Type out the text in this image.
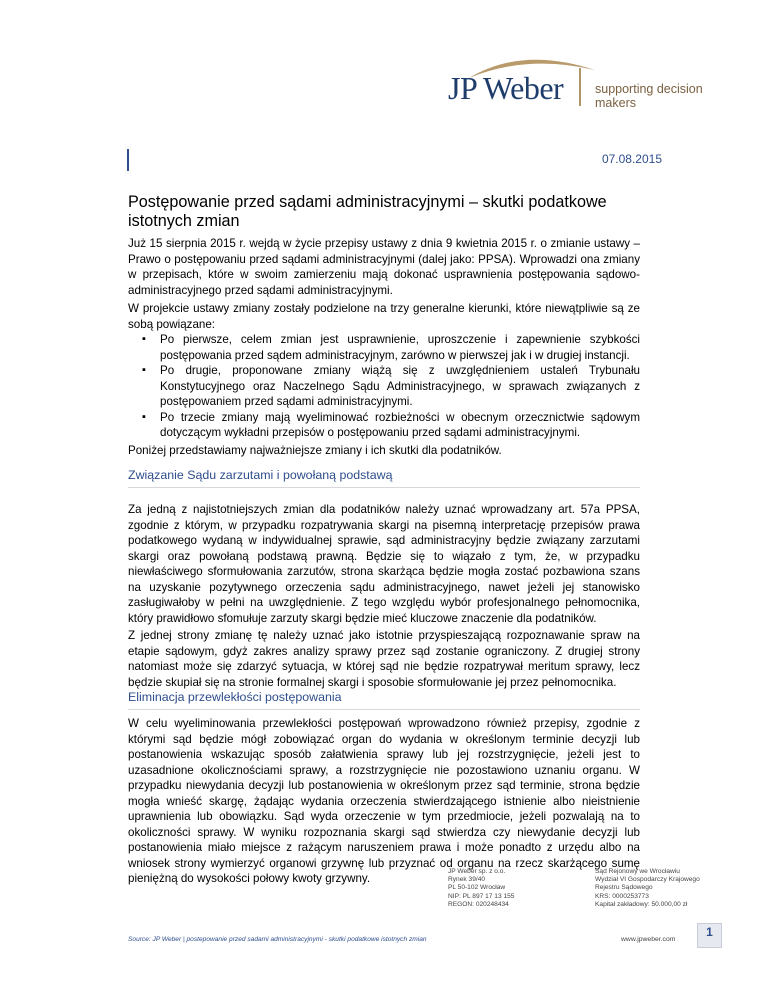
JP Weber	supporting decision makers
07.08.2015
Postępowanie przed sądami administracyjnymi – skutki podatkowe istotnych zmian
Już 15 sierpnia 2015 r. wejdą w życie przepisy ustawy z dnia 9 kwietnia 2015 r. o zmianie ustawy – Prawo o postępowaniu przed sądami administracyjnymi (dalej jako: PPSA). Wprowadzi ona zmiany w przepisach, które w swoim zamierzeniu mają dokonać usprawnienia postępowania sądowo-administracyjnego przed sądami administracyjnymi.
W projekcie ustawy zmiany zostały podzielone na trzy generalne kierunki, które niewątpliwie są ze sobą powiązane:
▪ Po pierwsze, celem zmian jest usprawnienie, uproszczenie i zapewnienie szybkości postępowania przed sądem administracyjnym, zarówno w pierwszej jak i w drugiej instancji.
▪ Po drugie, proponowane zmiany wiążą się z uwzględnieniem ustaleń Trybunału Konstytucyjnego oraz Naczelnego Sądu Administracyjnego, w sprawach związanych z postępowaniem przed sądami administracyjnymi.
▪ Po trzecie zmiany mają wyeliminować rozbieżności w obecnym orzecznictwie sądowym dotyczącym wykładni przepisów o postępowaniu przed sądami administracyjnymi.
Poniżej przedstawiamy najważniejsze zmiany i ich skutki dla podatników.
Związanie Sądu zarzutami i powołaną podstawą
Za jedną z najistotniejszych zmian dla podatników należy uznać wprowadzany art. 57a PPSA, zgodnie z którym, w przypadku rozpatrywania skargi na pisemną interpretację przepisów prawa podatkowego wydaną w indywidualnej sprawie, sąd administracyjny będzie związany zarzutami skargi oraz powołaną podstawą prawną. Będzie się to wiązało z tym, że, w przypadku niewłaściwego sformułowania zarzutów, strona skarżąca będzie mogła zostać pozbawiona szans na uzyskanie pozytywnego orzeczenia sądu administracyjnego, nawet jeżeli jej stanowisko zasługiwałoby w pełni na uwzględnienie. Z tego względu wybór profesjonalnego pełnomocnika, który prawidłowo sfomułuje zarzuty skargi będzie mieć kluczowe znaczenie dla podatników.
Z jednej strony zmianę tę należy uznać jako istotnie przyspieszającą rozpoznawanie spraw na etapie sądowym, gdyż zakres analizy sprawy przez sąd zostanie ograniczony. Z drugiej strony natomiast może się zdarzyć sytuacja, w której sąd nie będzie rozpatrywał meritum sprawy, lecz będzie skupiał się na stronie formalnej skargi i sposobie sformułowanie jej przez pełnomocnika.
Eliminacja przewlekłości postępowania
W celu wyeliminowania przewlekłości postępowań wprowadzono również przepisy, zgodnie z którymi sąd będzie mógł zobowiązać organ do wydania w określonym terminie decyzji lub postanowienia wskazując sposób załatwienia sprawy lub jej rozstrzygnięcie, jeżeli jest to uzasadnione okolicznościami sprawy, a rozstrzygnięcie nie pozostawiono uznaniu organu. W przypadku niewydania decyzji lub postanowienia w określonym przez sąd terminie, strona będzie mogła wnieść skargę, żądając wydania orzeczenia stwierdzającego istnienie albo nieistnienie uprawnienia lub obowiązku. Sąd wyda orzeczenie w tym przedmiocie, jeżeli pozwalają na to okoliczności sprawy. W wyniku rozpoznania skargi sąd stwierdza czy niewydanie decyzji lub postanowienia miało miejsce z rażącym naruszeniem prawa i może ponadto z urzędu albo na wniosek strony wymierzyć organowi grzywnę lub przyznać od organu na rzecz skarżącego sumę pieniężną do wysokości połowy kwoty grzywny.
JP Weber sp. z o.o.
Rynek 39/40
PL 50-102 Wrocław
NIP: PL 897 17 13 155
REGON: 020248434
Sąd Rejonowy we Wrocławiu
Wydział VI Gospodarczy Krajowego
Rejestru Sądowego
KRS: 0000253773
Kapitał zakładowy: 50.000,00 zł
Source: JP Weber | postepowanie przed sadami administracyjnymi - skutki podatkowe istotnych zmian	www.jpweber.com
1
